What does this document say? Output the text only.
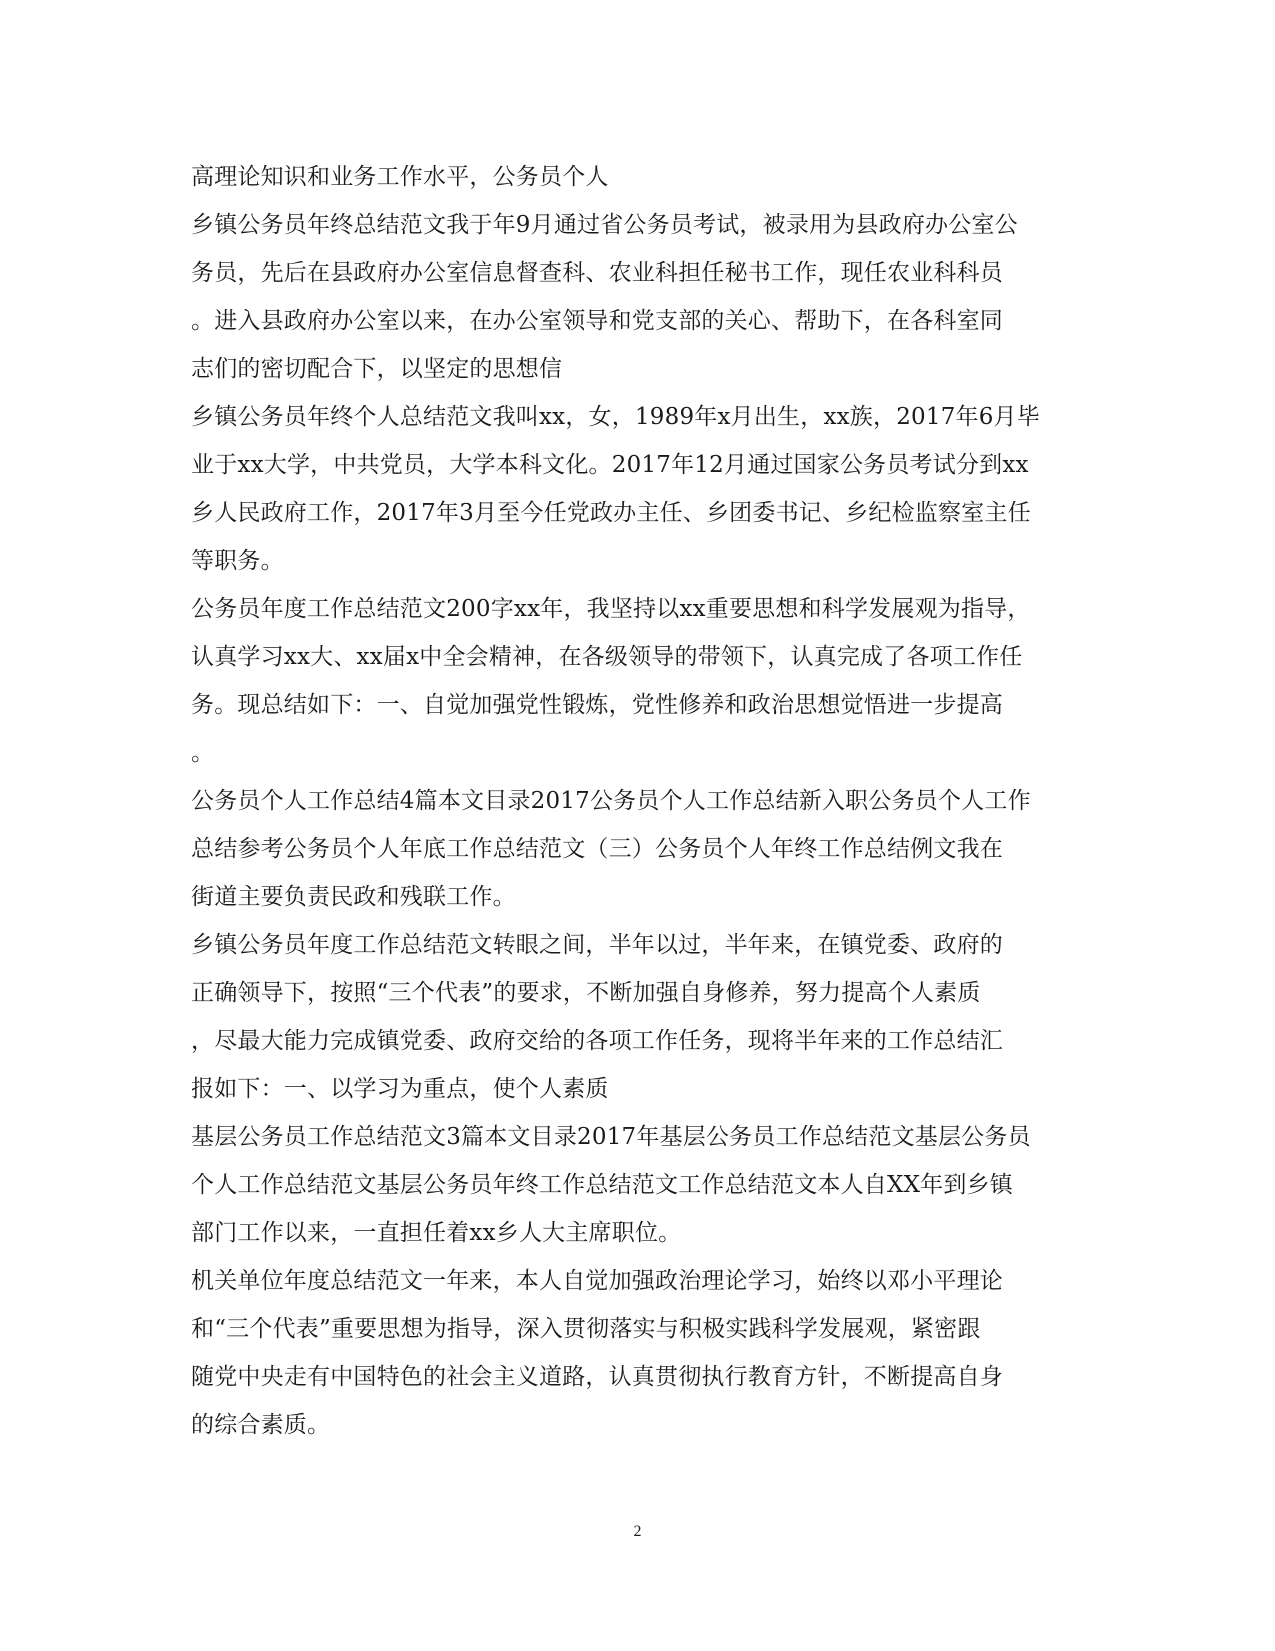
高理论知识和业务工作水平，公务员个人
乡镇公务员年终总结范文我于年9月通过省公务员考试，被录用为县政府办公室公
务员，先后在县政府办公室信息督查科、农业科担任秘书工作，现任农业科科员
。进入县政府办公室以来，在办公室领导和党支部的关心、帮助下，在各科室同
志们的密切配合下，以坚定的思想信
乡镇公务员年终个人总结范文我叫xx，女，1989年x月出生，xx族，2017年6月毕
业于xx大学，中共党员，大学本科文化。2017年12月通过国家公务员考试分到xx
乡人民政府工作，2017年3月至今任党政办主任、乡团委书记、乡纪检监察室主任
等职务。
公务员年度工作总结范文200字xx年，我坚持以xx重要思想和科学发展观为指导，
认真学习xx大、xx届x中全会精神，在各级领导的带领下，认真完成了各项工作任
务。现总结如下：一、自觉加强党性锻炼，党性修养和政治思想觉悟进一步提高
。
公务员个人工作总结4篇本文目录2017公务员个人工作总结新入职公务员个人工作
总结参考公务员个人年底工作总结范文（三）公务员个人年终工作总结例文我在
街道主要负责民政和残联工作。
乡镇公务员年度工作总结范文转眼之间，半年以过，半年来，在镇党委、政府的
正确领导下，按照“三个代表”的要求，不断加强自身修养，努力提高个人素质
，尽最大能力完成镇党委、政府交给的各项工作任务，现将半年来的工作总结汇
报如下：一、以学习为重点，使个人素质
基层公务员工作总结范文3篇本文目录2017年基层公务员工作总结范文基层公务员
个人工作总结范文基层公务员年终工作总结范文工作总结范文本人自XX年到乡镇
部门工作以来，一直担任着xx乡人大主席职位。
机关单位年度总结范文一年来，本人自觉加强政治理论学习，始终以邓小平理论
和“三个代表”重要思想为指导，深入贯彻落实与积极实践科学发展观，紧密跟
随党中央走有中国特色的社会主义道路，认真贯彻执行教育方针，不断提高自身
的综合素质。
2
